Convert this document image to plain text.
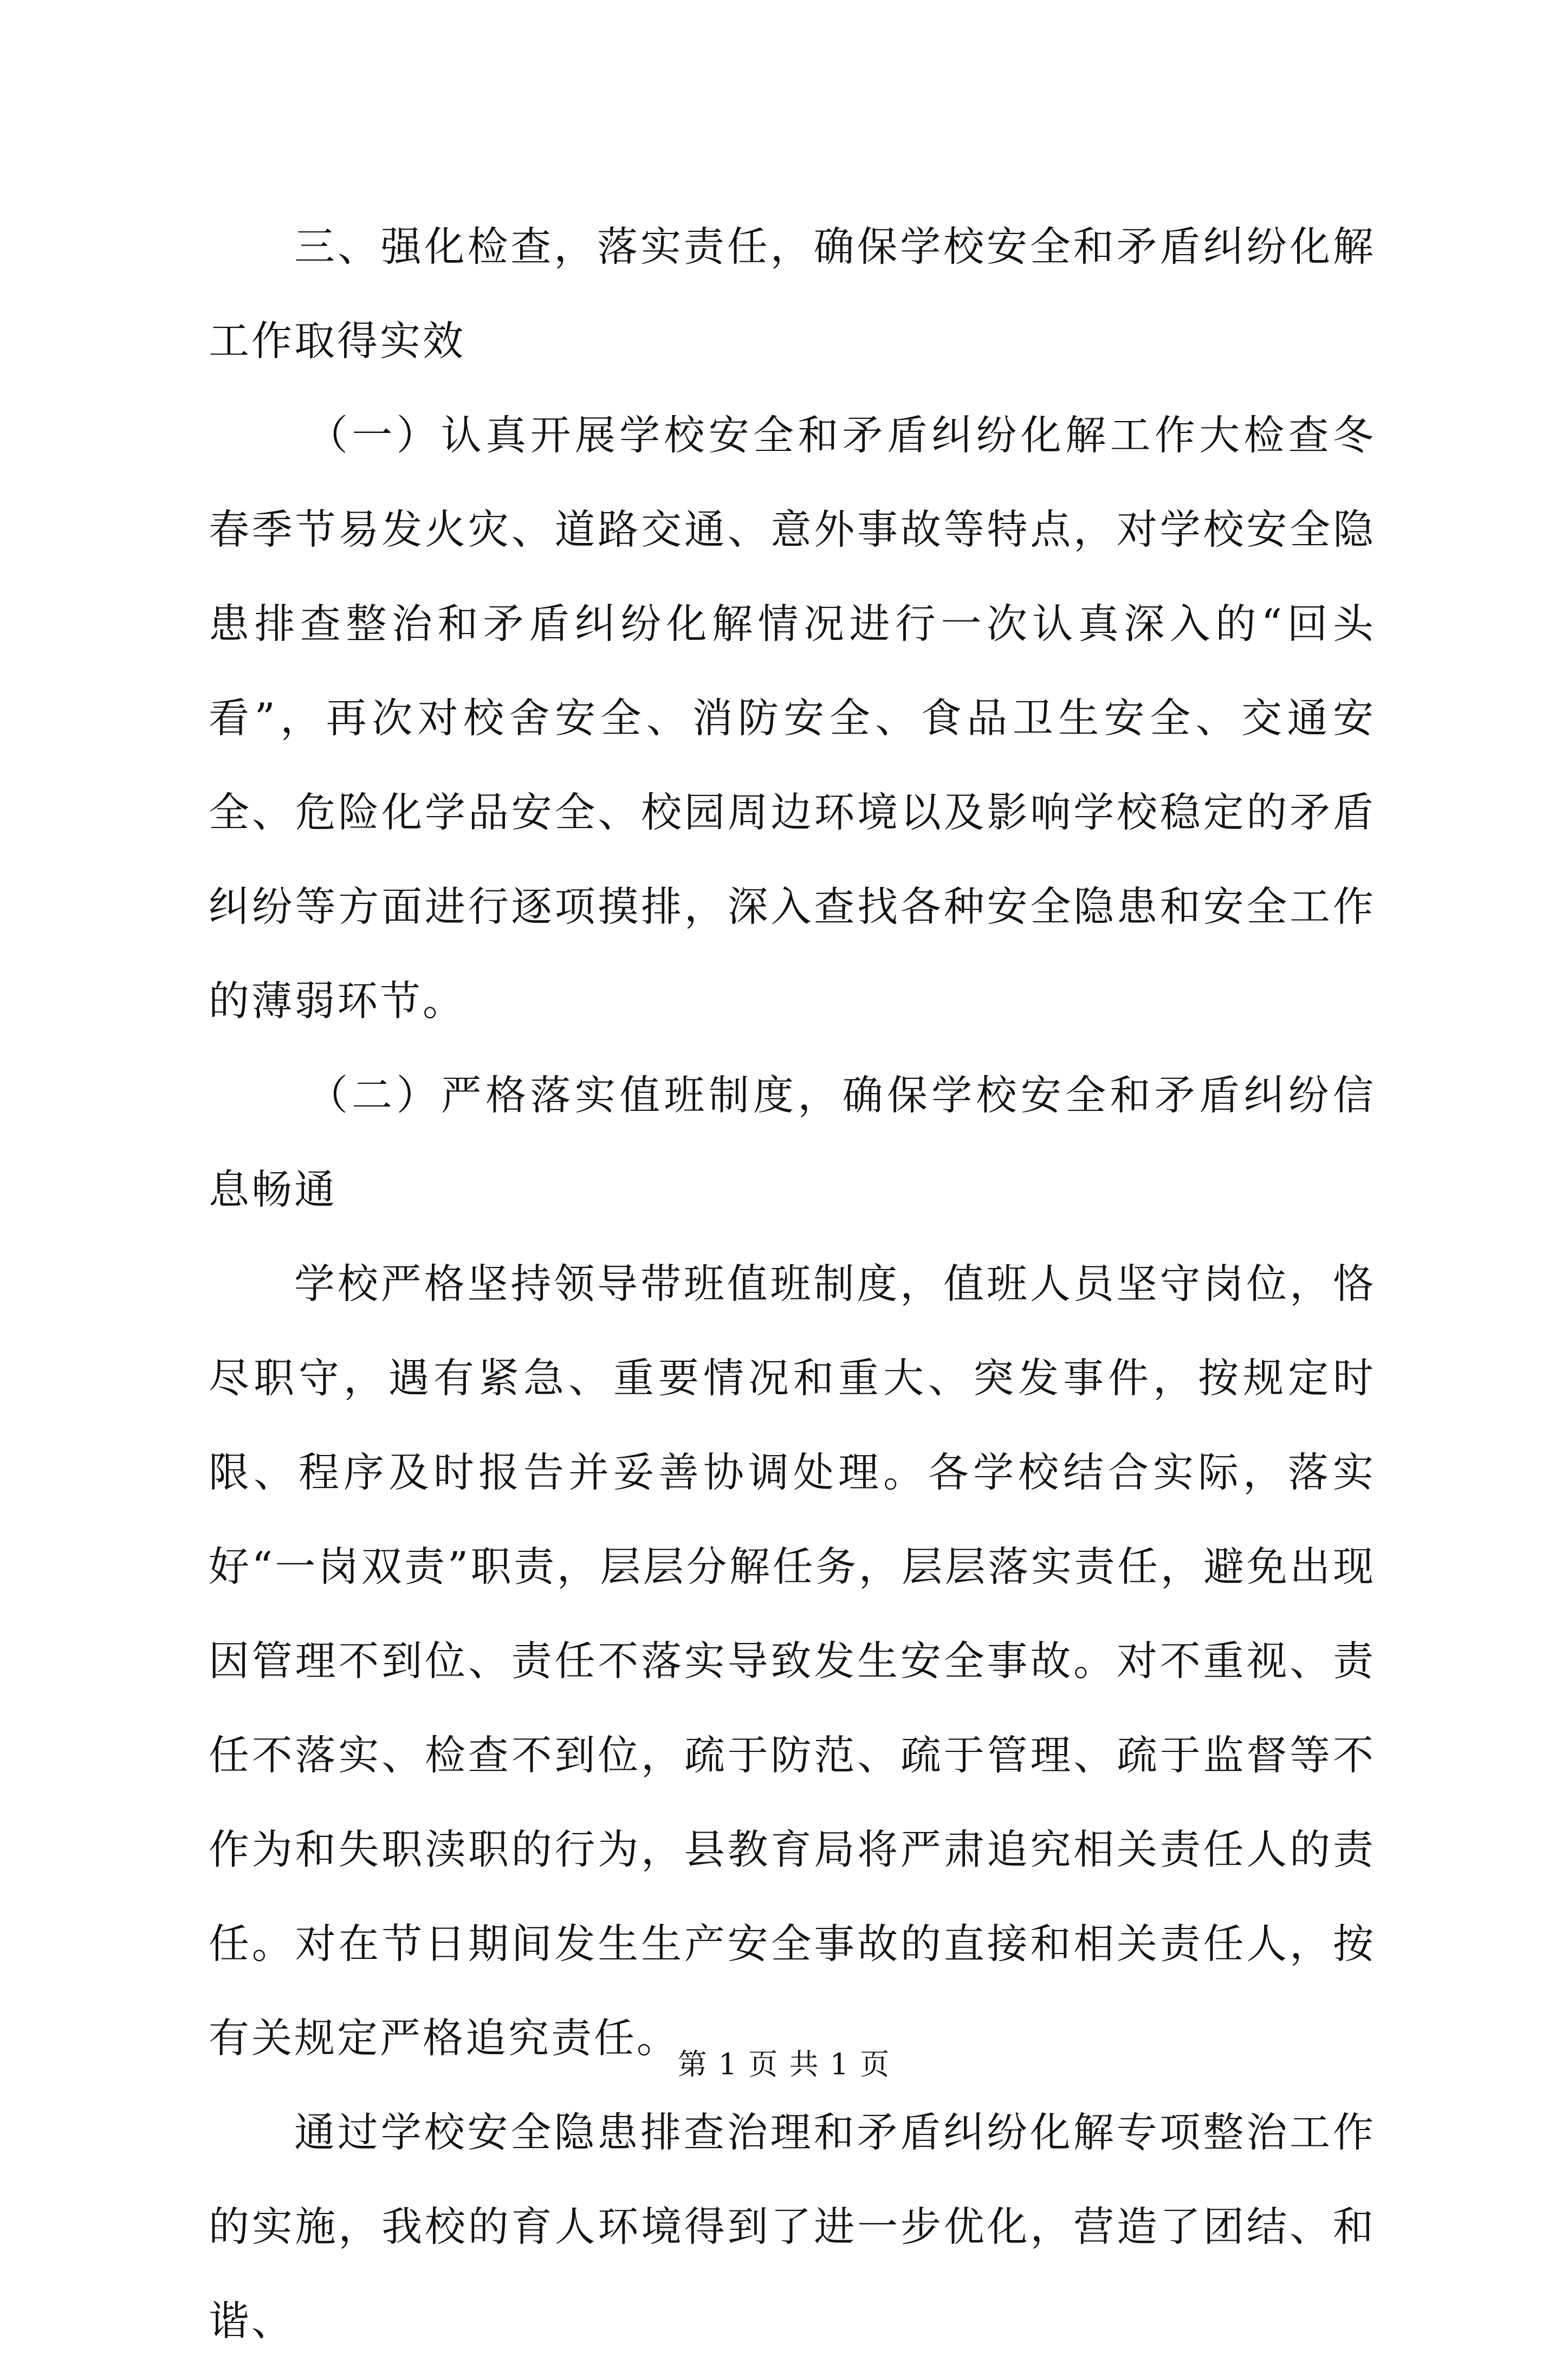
三、强化检查，落实责任，确保学校安全和矛盾纠纷化解工作取得实效

（一）认真开展学校安全和矛盾纠纷化解工作大检查冬春季节易发火灾、道路交通、意外事故等特点，对学校安全隐患排查整治和矛盾纠纷化解情况进行一次认真深入的“回头看”，再次对校舍安全、消防安全、食品卫生安全、交通安全、危险化学品安全、校园周边环境以及影响学校稳定的矛盾纠纷等方面进行逐项摸排，深入查找各种安全隐患和安全工作的薄弱环节。

（二）严格落实值班制度，确保学校安全和矛盾纠纷信息畅通

学校严格坚持领导带班值班制度，值班人员坚守岗位，恪尽职守，遇有紧急、重要情况和重大、突发事件，按规定时限、程序及时报告并妥善协调处理。各学校结合实际，落实好“一岗双责”职责，层层分解任务，层层落实责任，避免出现因管理不到位、责任不落实导致发生安全事故。对不重视、责任不落实、检查不到位，疏于防范、疏于管理、疏于监督等不作为和失职渎职的行为，县教育局将严肃追究相关责任人的责任。对在节日期间发生生产安全事故的直接和相关责任人，按有关规定严格追究责任。

通过学校安全隐患排查治理和矛盾纠纷化解专项整治工作的实施，我校的育人环境得到了进一步优化，营造了团结、和谐、

第 1 页 共 1 页
